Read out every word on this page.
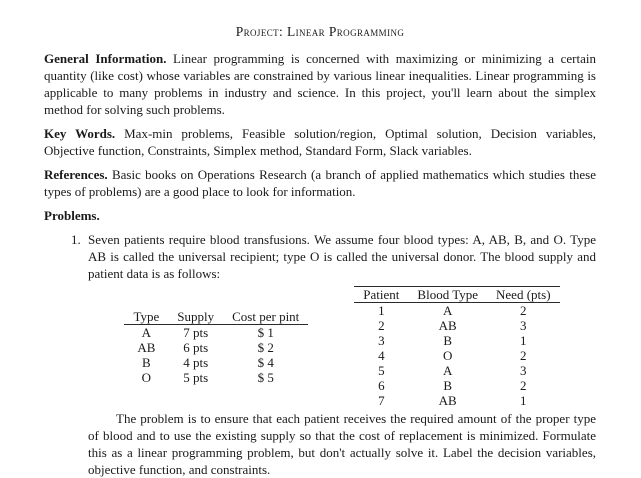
Project: Linear Programming

General Information. Linear programming is concerned with maximizing or minimizing a certain quantity (like cost) whose variables are constrained by various linear inequalities. Linear programming is applicable to many problems in industry and science. In this project, you'll learn about the simplex method for solving such problems.

Key Words. Max-min problems, Feasible solution/region, Optimal solution, Decision variables, Objective function, Constraints, Simplex method, Standard Form, Slack variables.

References. Basic books on Operations Research (a branch of applied mathematics which studies these types of problems) are a good place to look for information.

Problems.

1. Seven patients require blood transfusions. We assume four blood types: A, AB, B, and O. Type AB is called the universal recipient; type O is called the universal donor. The blood supply and patient data is as follows:

Type	Supply	Cost per pint
A	7 pts	$ 1
AB	6 pts	$ 2
B	4 pts	$ 4
O	5 pts	$ 5
Patient	Blood Type	Need (pts)
1	A	2
2	AB	3
3	B	1
4	O	2
5	A	3
6	B	2
7	AB	1

The problem is to ensure that each patient receives the required amount of the proper type of blood and to use the existing supply so that the cost of replacement is minimized. Formulate this as a linear programming problem, but don't actually solve it. Label the decision variables, objective function, and constraints.
